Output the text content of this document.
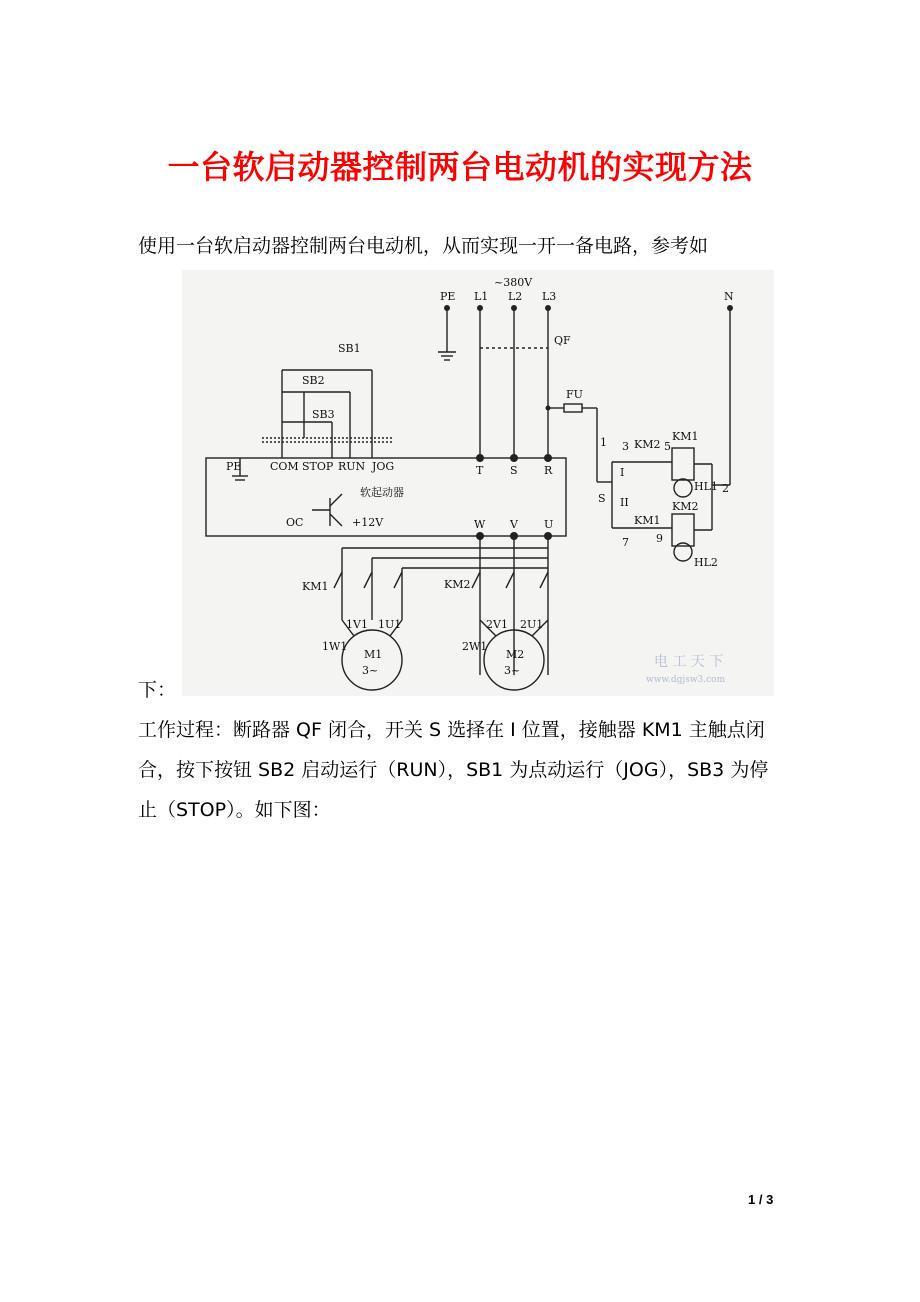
一台软启动器控制两台电动机的实现方法
使用一台软启动器控制两台电动机，从而实现一开一备电路，参考如
~380V
PE L1 L2 L3	N
QF
FU
SB1
SB2
SB3
PE	COM STOP RUN JOG	T S R
软起动器
OC	+12V	W V U
KM1	KM2
1V1 1U1
1W1
2V1 2U1
2W1
M1
3~
M2
3~
1
2
3	5
7 9
S
I
II
KM2
KM1
KM1
KM2
HL1
HL2
电 工 天 下
www.dgjsw3.com
下：
工作过程：断路器 QF 闭合，开关 S 选择在 I 位置，接触器 KM1 主触点闭合，按下按钮 SB2 启动运行（RUN），SB1 为点动运行（JOG），SB3 为停止（STOP）。如下图：
1 / 3
